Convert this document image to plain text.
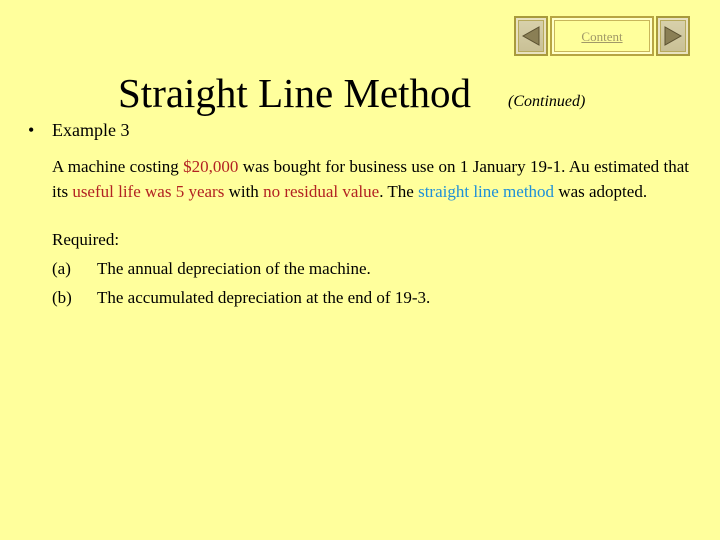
Content
Straight Line Method (Continued)
• Example 3
A machine costing $20,000 was bought for business use on 1 January 19-1. Au estimated that its useful life was 5 years with no residual value. The straight line method was adopted.
Required:
(a) The annual depreciation of the machine.
(b) The accumulated depreciation at the end of 19-3.
